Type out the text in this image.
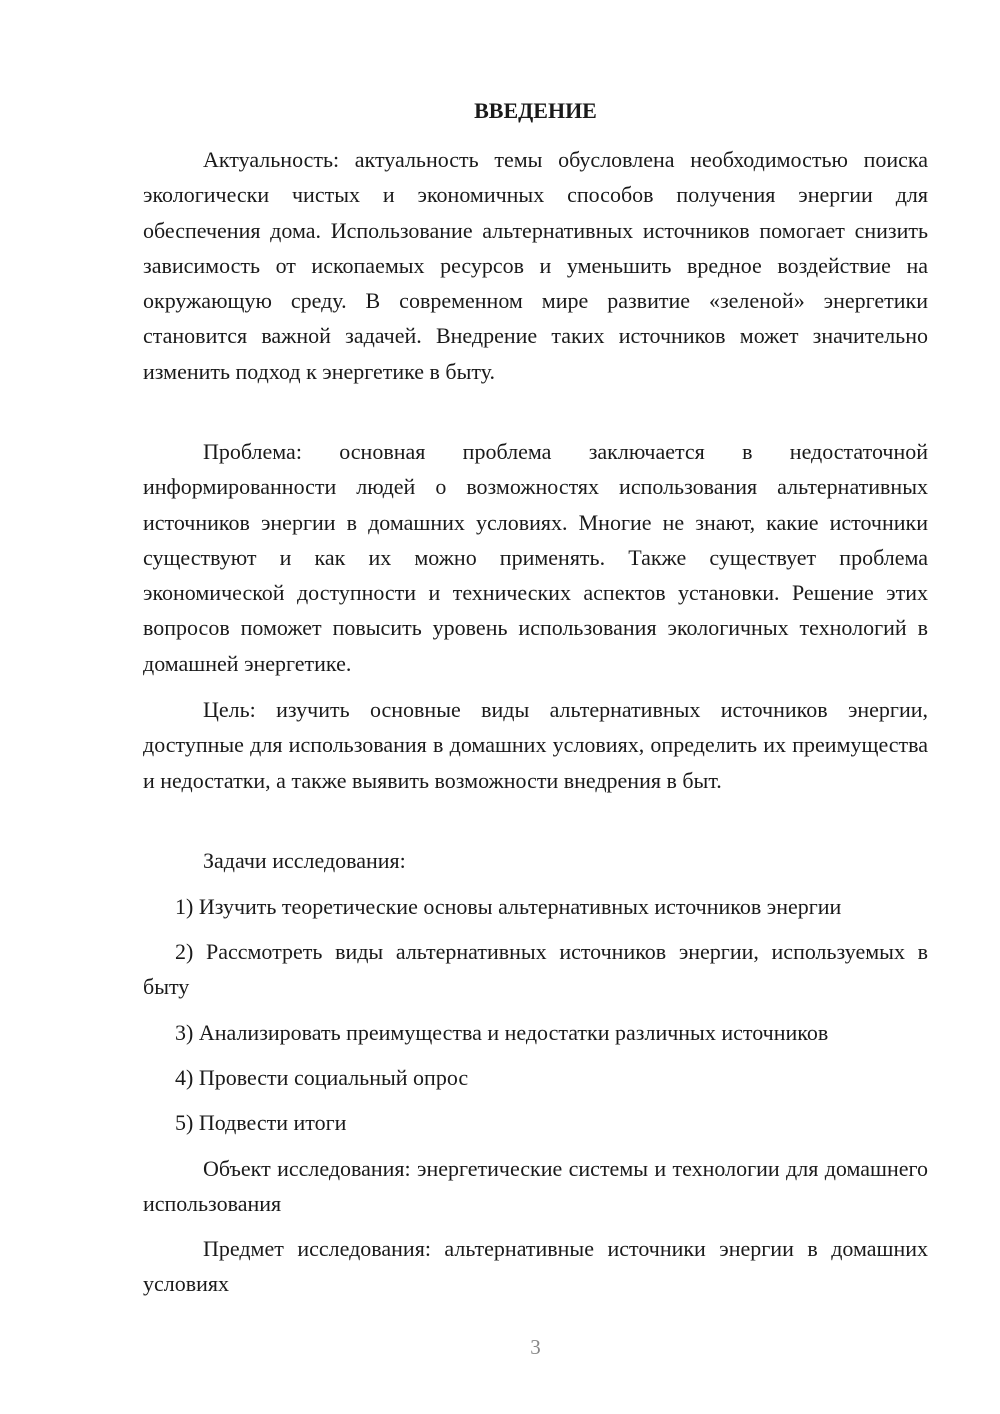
ВВЕДЕНИЕ

Актуальность: актуальность темы обусловлена необходимостью поиска экологически чистых и экономичных способов получения энергии для обеспечения дома. Использование альтернативных источников помогает снизить зависимость от ископаемых ресурсов и уменьшить вредное воздействие на окружающую среду. В современном мире развитие «зеленой» энергетики становится важной задачей. Внедрение таких источников может значительно изменить подход к энергетике в быту.

Проблема: основная проблема заключается в недостаточной информированности людей о возможностях использования альтернативных источников энергии в домашних условиях. Многие не знают, какие источники существуют и как их можно применять. Также существует проблема экономической доступности и технических аспектов установки. Решение этих вопросов поможет повысить уровень использования экологичных технологий в домашней энергетике.

Цель: изучить основные виды альтернативных источников энергии, доступные для использования в домашних условиях, определить их преимущества и недостатки, а также выявить возможности внедрения в быт.

Задачи исследования:

1) Изучить теоретические основы альтернативных источников энергии

2) Рассмотреть виды альтернативных источников энергии, используемых в быту

3) Анализировать преимущества и недостатки различных источников

4) Провести социальный опрос

5) Подвести итоги

Объект исследования: энергетические системы и технологии для домашнего использования

Предмет исследования: альтернативные источники энергии в домашних условиях

3
